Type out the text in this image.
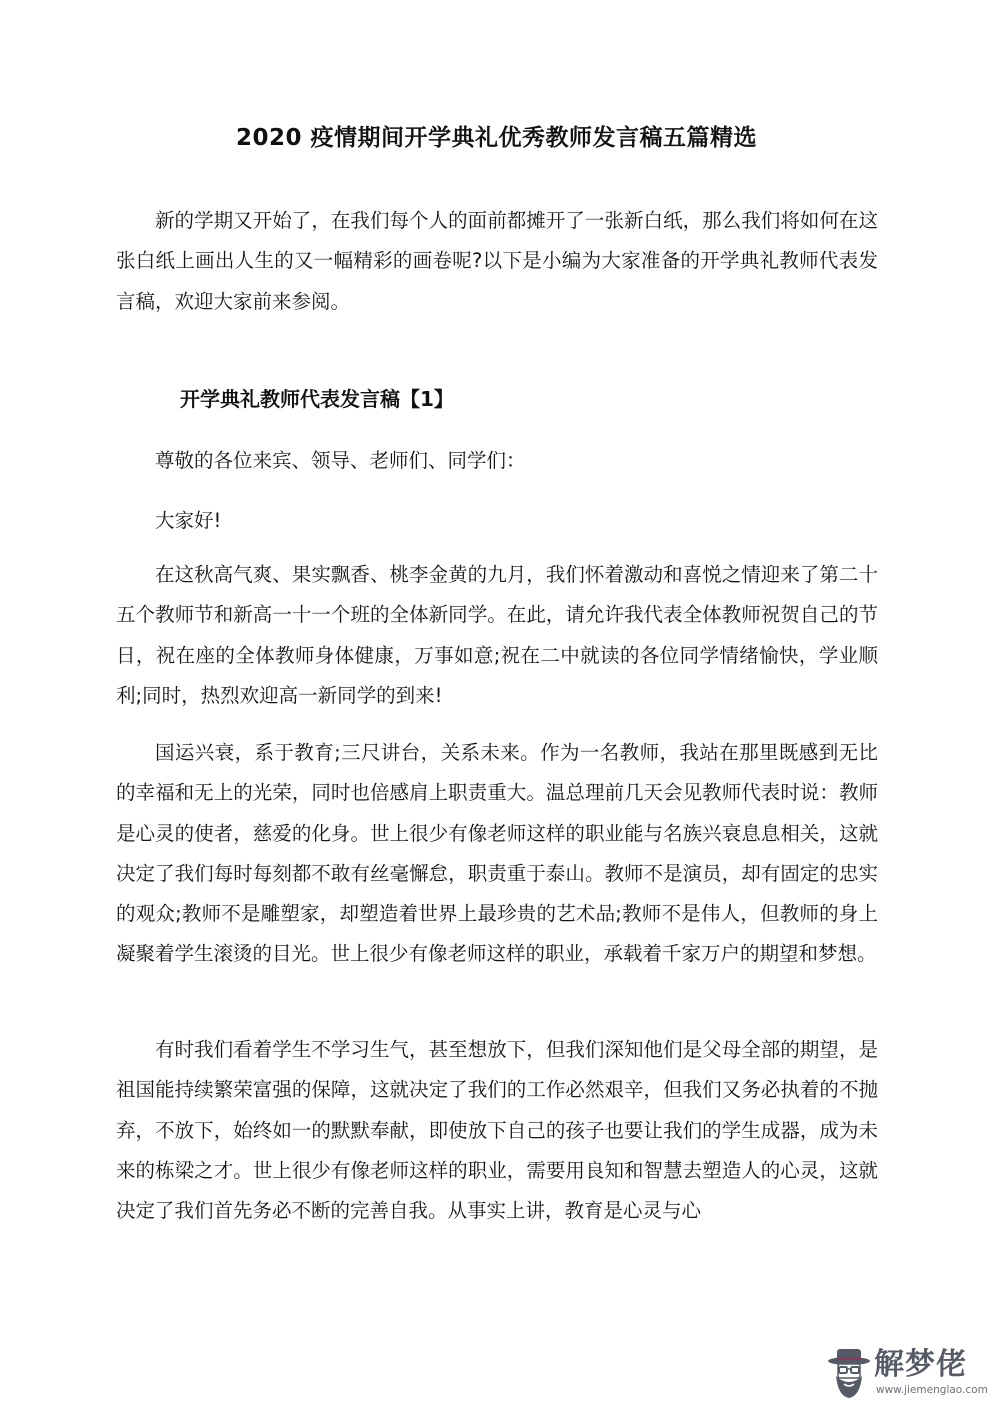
2020 疫情期间开学典礼优秀教师发言稿五篇精选

新的学期又开始了，在我们每个人的面前都摊开了一张新白纸，那么我们将如何在这张白纸上画出人生的又一幅精彩的画卷呢?以下是小编为大家准备的开学典礼教师代表发言稿，欢迎大家前来参阅。

开学典礼教师代表发言稿【1】

尊敬的各位来宾、领导、老师们、同学们：

大家好!

在这秋高气爽、果实飘香、桃李金黄的九月，我们怀着激动和喜悦之情迎来了第二十五个教师节和新高一十一个班的全体新同学。在此，请允许我代表全体教师祝贺自己的节日，祝在座的全体教师身体健康，万事如意;祝在二中就读的各位同学情绪愉快，学业顺利;同时，热烈欢迎高一新同学的到来!

国运兴衰，系于教育;三尺讲台，关系未来。作为一名教师，我站在那里既感到无比的幸福和无上的光荣，同时也倍感肩上职责重大。温总理前几天会见教师代表时说：教师是心灵的使者，慈爱的化身。世上很少有像老师这样的职业能与名族兴衰息息相关，这就决定了我们每时每刻都不敢有丝毫懈怠，职责重于泰山。教师不是演员，却有固定的忠实的观众;教师不是雕塑家，却塑造着世界上最珍贵的艺术品;教师不是伟人，但教师的身上凝聚着学生滚烫的目光。世上很少有像老师这样的职业，承载着千家万户的期望和梦想。

有时我们看着学生不学习生气，甚至想放下，但我们深知他们是父母全部的期望，是祖国能持续繁荣富强的保障，这就决定了我们的工作必然艰辛，但我们又务必执着的不抛弃，不放下，始终如一的默默奉献，即使放下自己的孩子也要让我们的学生成器，成为未来的栋梁之才。世上很少有像老师这样的职业，需要用良知和智慧去塑造人的心灵，这就决定了我们首先务必不断的完善自我。从事实上讲，教育是心灵与心

解梦佬
www.jiemenglao.com
